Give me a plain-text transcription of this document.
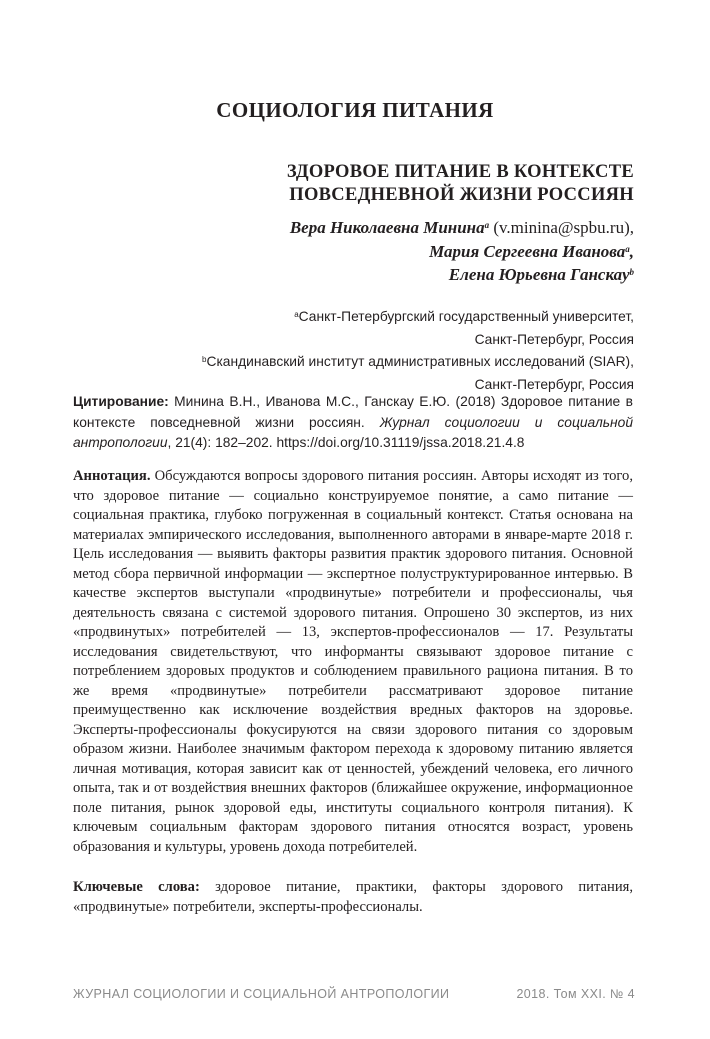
СОЦИОЛОГИЯ ПИТАНИЯ
ЗДОРОВОЕ ПИТАНИЕ В КОНТЕКСТЕ
ПОВСЕДНЕВНОЙ ЖИЗНИ РОССИЯН
Вера Николаевна Минина$^a$ (v.minina@spbu.ru),
Мария Сергеевна Иванова$^a$,
Елена Юрьевна Ганскау$^b$
$^a$Санкт-Петербургский государственный университет,
Санкт-Петербург, Россия
$^b$Скандинавский институт административных исследований (SIAR),
Санкт-Петербург, Россия
Цитирование: Минина В.Н., Иванова М.С., Ганскау Е.Ю. (2018) Здоровое питание в контексте повседневной жизни россиян. Журнал социологии и социальной антропологии, 21(4): 182–202. https://doi.org/10.31119/jssa.2018.21.4.8
Аннотация. Обсуждаются вопросы здорового питания россиян. Авторы исходят из того, что здоровое питание — социально конструируемое понятие, а само питание — социальная практика, глубоко погруженная в социальный контекст. Статья основана на материалах эмпирического исследования, выполненного авторами в январе-марте 2018 г. Цель исследования — выявить факторы развития практик здорового питания. Основной метод сбора первичной информации — экспертное полуструктурированное интервью. В качестве экспертов выступали «продвинутые» потребители и профессионалы, чья деятельность связана с системой здорового питания. Опрошено 30 экспертов, из них «продвинутых» потребителей — 13, экспертов-профессионалов — 17. Результаты исследования свидетельствуют, что информанты связывают здоровое питание с потреблением здоровых продуктов и соблюдением правильного рациона питания. В то же время «продвинутые» потребители рассматривают здоровое питание преимущественно как исключение воздействия вредных факторов на здоровье. Эксперты-профессионалы фокусируются на связи здорового питания со здоровым образом жизни. Наиболее значимым фактором перехода к здоровому питанию является личная мотивация, которая зависит как от ценностей, убеждений человека, его личного опыта, так и от воздействия внешних факторов (ближайшее окружение, информационное поле питания, рынок здоровой еды, институты социального контроля питания). К ключевым социальным факторам здорового питания относятся возраст, уровень образования и культуры, уровень дохода потребителей.
Ключевые слова: здоровое питание, практики, факторы здорового питания, «продвинутые» потребители, эксперты-профессионалы.
ЖУРНАЛ СОЦИОЛОГИИ И СОЦИАЛЬНОЙ АНТРОПОЛОГИИ	2018. Том XXI. № 4
